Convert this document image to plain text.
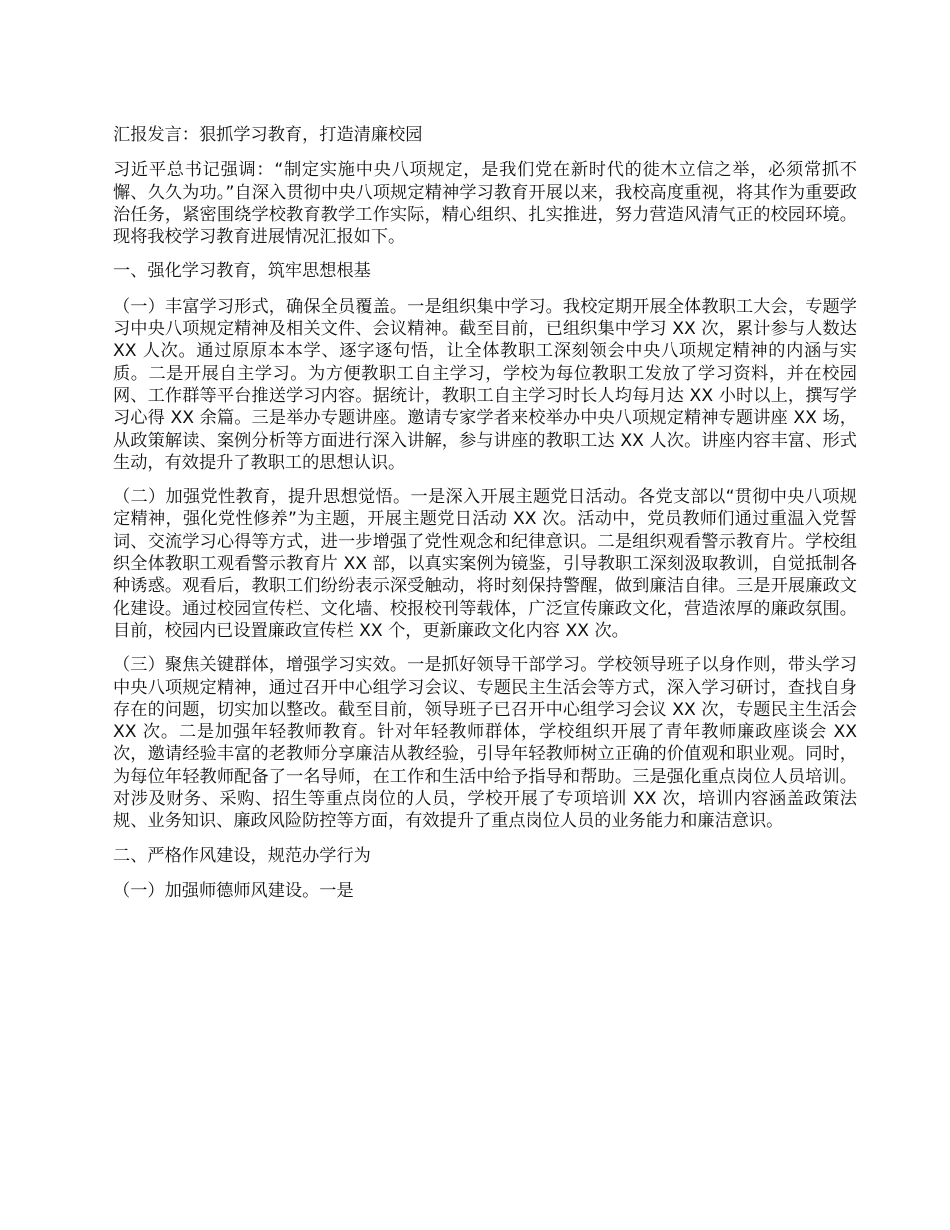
汇报发言：狠抓学习教育，打造清廉校园

习近平总书记强调：“制定实施中央八项规定，是我们党在新时代的徙木立信之举，必须常抓不懈、久久为功。”自深入贯彻中央八项规定精神学习教育开展以来，我校高度重视，将其作为重要政治任务，紧密围绕学校教育教学工作实际，精心组织、扎实推进，努力营造风清气正的校园环境。现将我校学习教育进展情况汇报如下。

一、强化学习教育，筑牢思想根基

（一）丰富学习形式，确保全员覆盖。一是组织集中学习。我校定期开展全体教职工大会，专题学习中央八项规定精神及相关文件、会议精神。截至目前，已组织集中学习 XX 次，累计参与人数达 XX 人次。通过原原本本学、逐字逐句悟，让全体教职工深刻领会中央八项规定精神的内涵与实质。二是开展自主学习。为方便教职工自主学习，学校为每位教职工发放了学习资料，并在校园网、工作群等平台推送学习内容。据统计，教职工自主学习时长人均每月达 XX 小时以上，撰写学习心得 XX 余篇。三是举办专题讲座。邀请专家学者来校举办中央八项规定精神专题讲座 XX 场，从政策解读、案例分析等方面进行深入讲解，参与讲座的教职工达 XX 人次。讲座内容丰富、形式生动，有效提升了教职工的思想认识。

（二）加强党性教育，提升思想觉悟。一是深入开展主题党日活动。各党支部以“贯彻中央八项规定精神，强化党性修养”为主题，开展主题党日活动 XX 次。活动中，党员教师们通过重温入党誓词、交流学习心得等方式，进一步增强了党性观念和纪律意识。二是组织观看警示教育片。学校组织全体教职工观看警示教育片 XX 部，以真实案例为镜鉴，引导教职工深刻汲取教训，自觉抵制各种诱惑。观看后，教职工们纷纷表示深受触动，将时刻保持警醒，做到廉洁自律。三是开展廉政文化建设。通过校园宣传栏、文化墙、校报校刊等载体，广泛宣传廉政文化，营造浓厚的廉政氛围。目前，校园内已设置廉政宣传栏 XX 个，更新廉政文化内容 XX 次。

（三）聚焦关键群体，增强学习实效。一是抓好领导干部学习。学校领导班子以身作则，带头学习中央八项规定精神，通过召开中心组学习会议、专题民主生活会等方式，深入学习研讨，查找自身存在的问题，切实加以整改。截至目前，领导班子已召开中心组学习会议 XX 次，专题民主生活会 XX 次。二是加强年轻教师教育。针对年轻教师群体，学校组织开展了青年教师廉政座谈会 XX 次，邀请经验丰富的老教师分享廉洁从教经验，引导年轻教师树立正确的价值观和职业观。同时，为每位年轻教师配备了一名导师，在工作和生活中给予指导和帮助。三是强化重点岗位人员培训。对涉及财务、采购、招生等重点岗位的人员，学校开展了专项培训 XX 次，培训内容涵盖政策法规、业务知识、廉政风险防控等方面，有效提升了重点岗位人员的业务能力和廉洁意识。

二、严格作风建设，规范办学行为

（一）加强师德师风建设。一是
